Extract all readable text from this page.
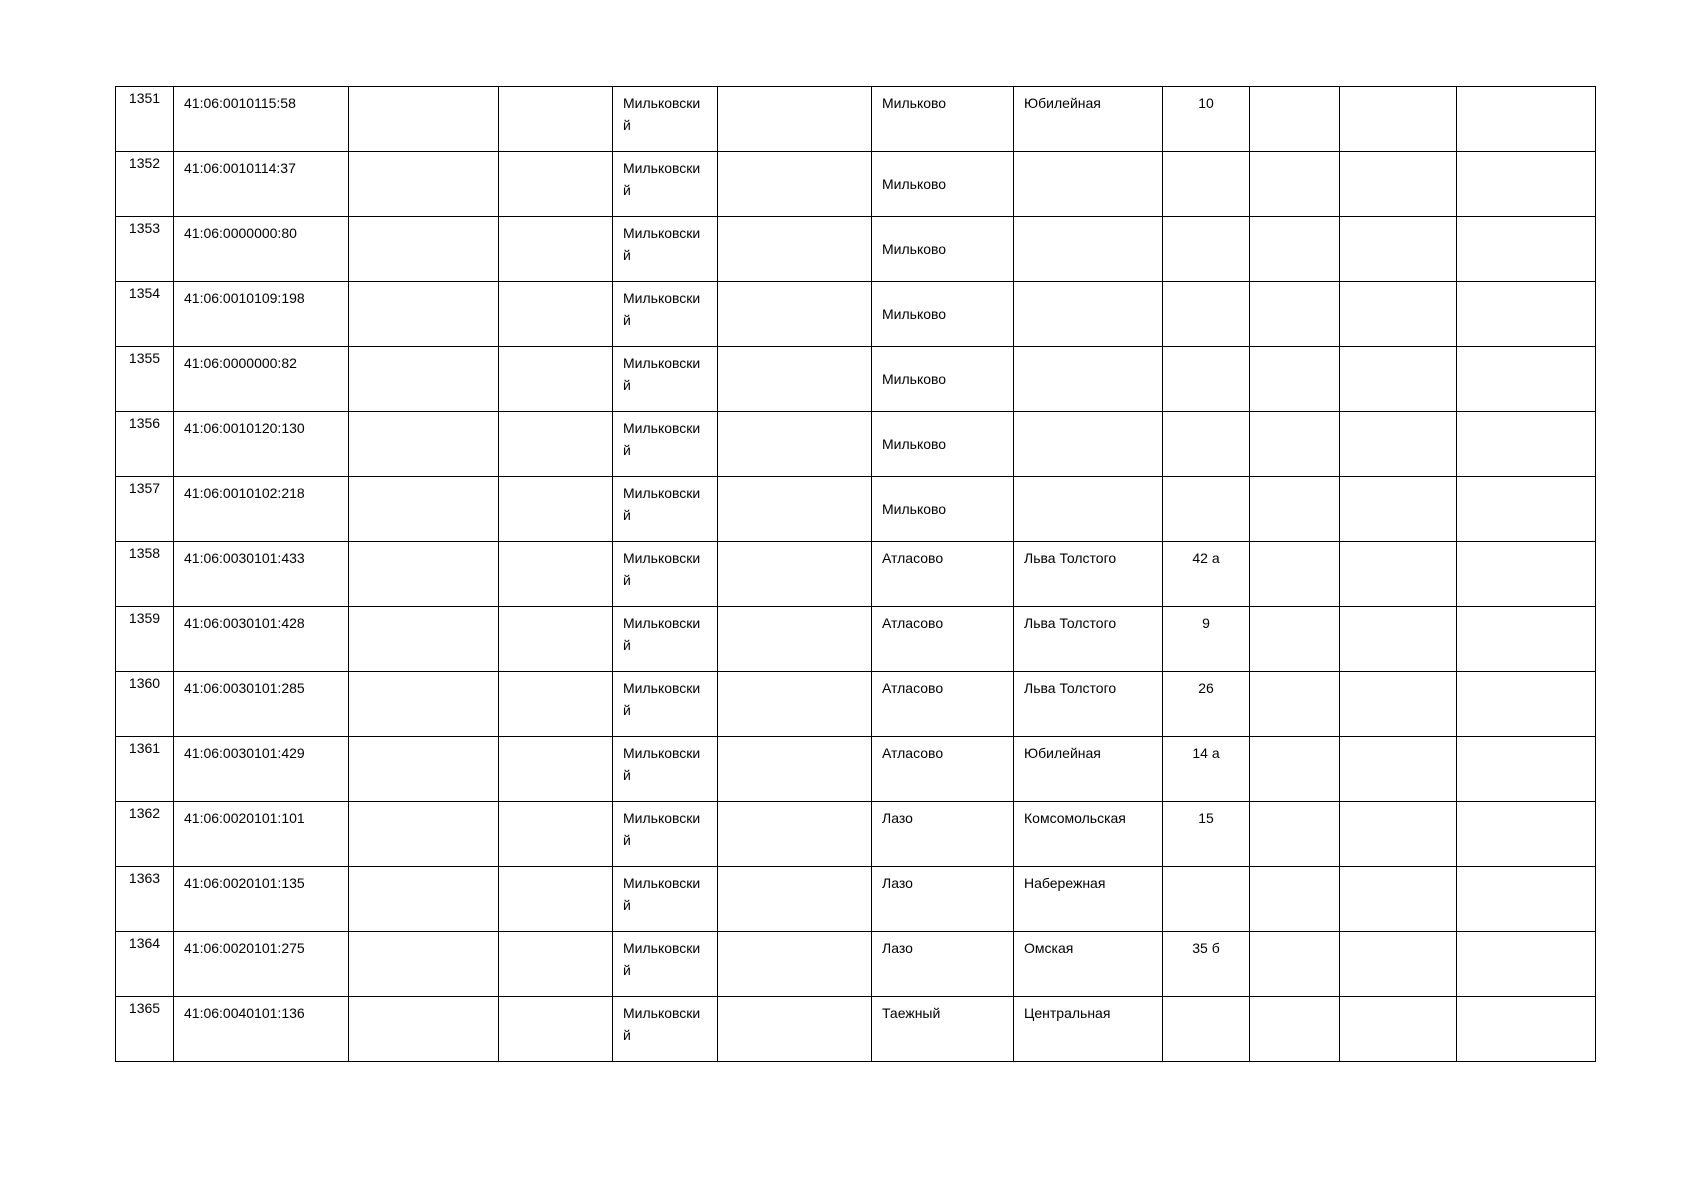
1351	41:06:0010115:58			Мильковский		Мильково	Юбилейная	10			

1352	41:06:0010114:37			Мильковский		Мильково					

1353	41:06:0000000:80			Мильковский		Мильково					

1354	41:06:0010109:198			Мильковский		Мильково					

1355	41:06:0000000:82			Мильковский		Мильково					

1356	41:06:0010120:130			Мильковский		Мильково					

1357	41:06:0010102:218			Мильковский		Мильково					

1358	41:06:0030101:433			Мильковский		Атласово	Льва Толстого	42 а			

1359	41:06:0030101:428			Мильковский		Атласово	Льва Толстого	9			

1360	41:06:0030101:285			Мильковский		Атласово	Льва Толстого	26			

1361	41:06:0030101:429			Мильковский		Атласово	Юбилейная	14 а			

1362	41:06:0020101:101			Мильковский		Лазо	Комсомольская	15			

1363	41:06:0020101:135			Мильковский		Лазо	Набережная				

1364	41:06:0020101:275			Мильковский		Лазо	Омская	35 б			

1365	41:06:0040101:136			Мильковский		Таежный	Центральная				
